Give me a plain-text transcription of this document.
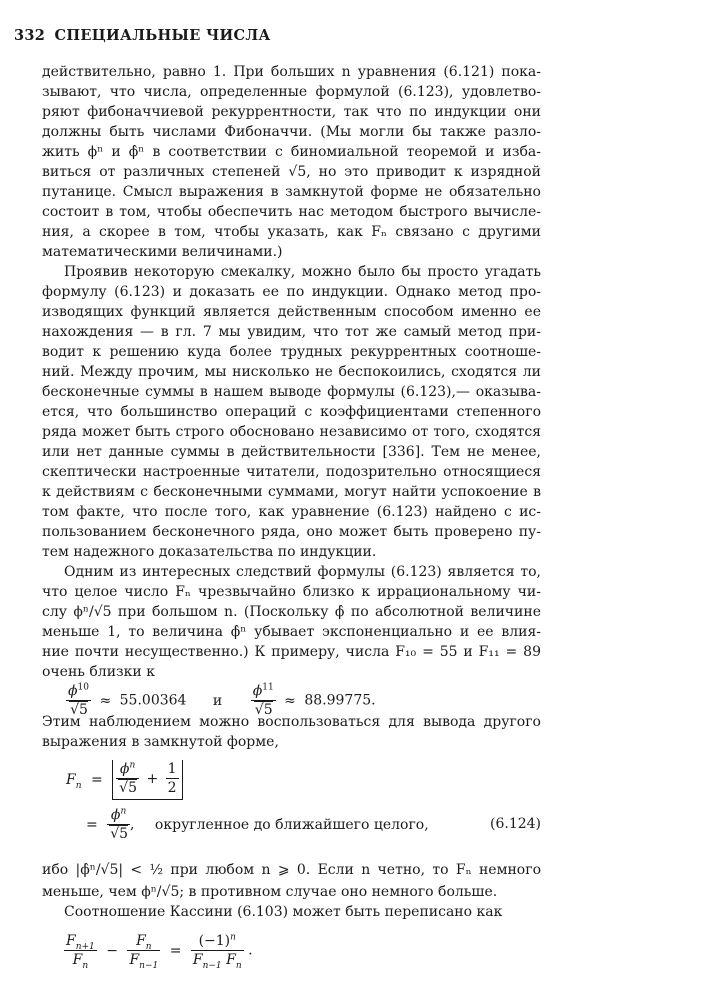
332 СПЕЦИАЛЬНЫЕ ЧИСЛА
действительно, равно 1. При больших n уравнения (6.121) пока-
зывают, что числа, определенные формулой (6.123), удовлетво-
ряют фибоначчиевой рекуррентности, так что по индукции они
должны быть числами Фибоначчи. (Мы могли бы также разло-
жить ϕⁿ и ϕ̂ⁿ в соответствии с биномиальной теоремой и изба-
виться от различных степеней √5, но это приводит к изрядной
путанице. Смысл выражения в замкнутой форме не обязательно
состоит в том, чтобы обеспечить нас методом быстрого вычисле-
ния, а скорее в том, чтобы указать, как Fₙ связано с другими
математическими величинами.)
Проявив некоторую смекалку, можно было бы просто угадать
формулу (6.123) и доказать ее по индукции. Однако метод про-
изводящих функций является действенным способом именно ее
нахождения — в гл. 7 мы увидим, что тот же самый метод при-
водит к решению куда более трудных рекуррентных соотноше-
ний. Между прочим, мы нисколько не беспокоились, сходятся ли
бесконечные суммы в нашем выводе формулы (6.123),— оказыва-
ется, что большинство операций с коэффициентами степенного
ряда может быть строго обосновано независимо от того, сходятся
или нет данные суммы в действительности [336]. Тем не менее,
скептически настроенные читатели, подозрительно относящиеся
к действиям с бесконечными суммами, могут найти успокоение в
том факте, что после того, как уравнение (6.123) найдено с ис-
пользованием бесконечного ряда, оно может быть проверено пу-
тем надежного доказательства по индукции.
Одним из интересных следствий формулы (6.123) является то,
что целое число Fₙ чрезвычайно близко к иррациональному чи-
слу ϕⁿ/√5 при большом n. (Поскольку ϕ̂ по абсолютной величине
меньше 1, то величина ϕ̂ⁿ убывает экспоненциально и ее влия-
ние почти несущественно.) К примеру, числа F₁₀ = 55 и F₁₁ = 89
очень близки к
$\frac{\phi^{10}}{√5} \approx 55.00364$ и $\frac{\phi^{11}}{√5} \approx 88.99775$.
Этим наблюдением можно воспользоваться для вывода другого
выражения в замкнутой форме,
$F_n = \frac{\phi^n}{√5} + \frac{1}{2}$
= $\frac{\phi^n}{√5}$ , округленное до ближайшего целого,	(6.124)
ибо |ϕ̂ⁿ/√5| < ½ при любом n ⩾ 0. Если n четно, то Fₙ немного
меньше, чем ϕⁿ/√5; в противном случае оно немного больше.
Соотношение Кассини (6.103) может быть переписано как
$\frac{F_{n+1}}{F_n} - \frac{F_n}{F_{n-1}} = \frac{(-1)^n}{F_{n-1} F_n}$ .
